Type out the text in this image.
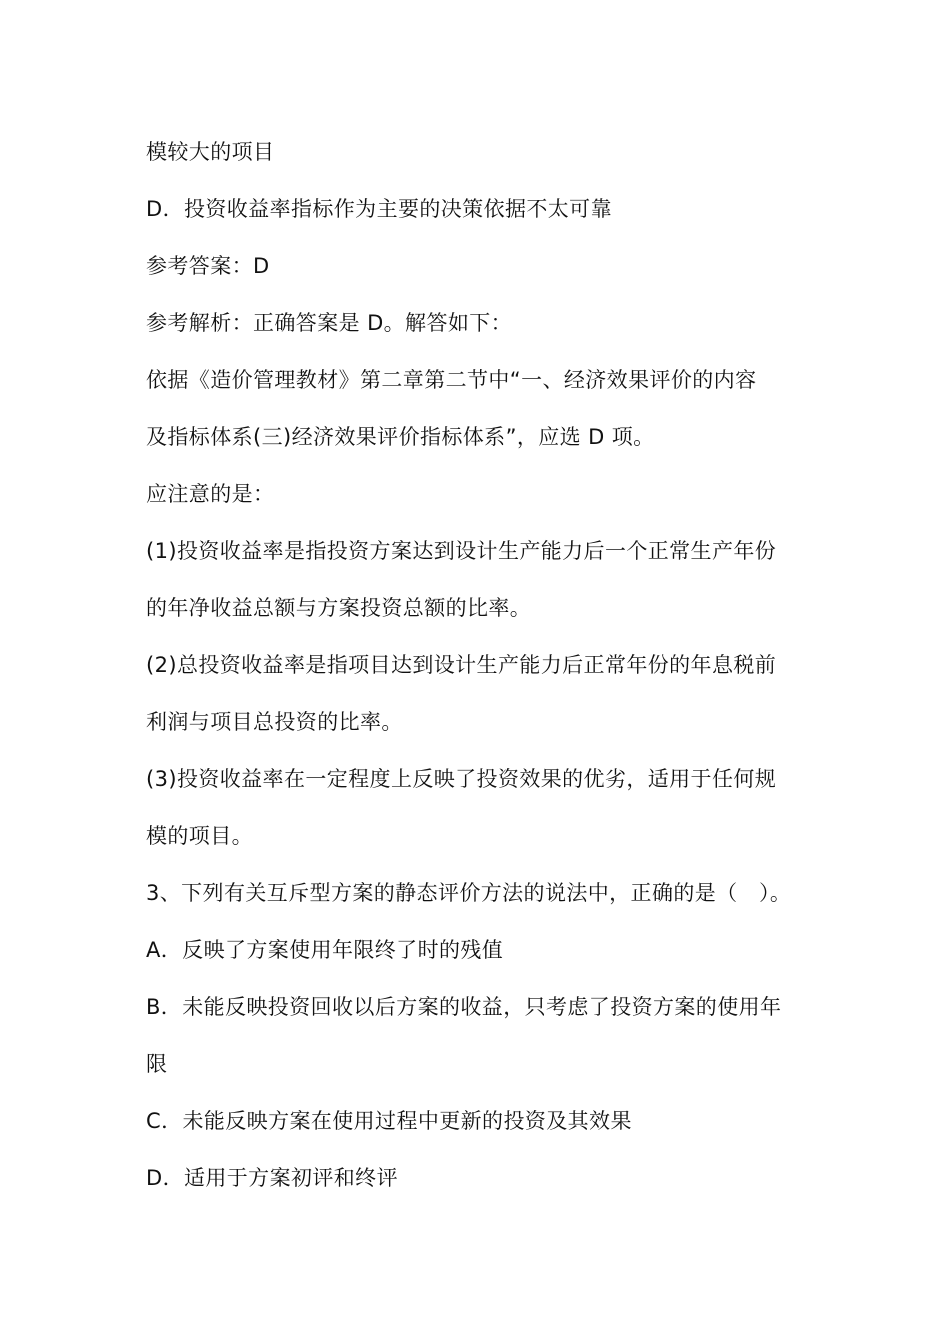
模较大的项目
D．投资收益率指标作为主要的决策依据不太可靠
参考答案：D
参考解析：正确答案是 D。解答如下：
依据《造价管理教材》第二章第二节中“一、经济效果评价的内容
及指标体系(三)经济效果评价指标体系”，应选 D 项。
应注意的是：
(1)投资收益率是指投资方案达到设计生产能力后一个正常生产年份
的年净收益总额与方案投资总额的比率。
(2)总投资收益率是指项目达到设计生产能力后正常年份的年息税前
利润与项目总投资的比率。
(3)投资收益率在一定程度上反映了投资效果的优劣，适用于任何规
模的项目。
3、下列有关互斥型方案的静态评价方法的说法中，正确的是（　）。
A．反映了方案使用年限终了时的残值
B．未能反映投资回收以后方案的收益，只考虑了投资方案的使用年
限
C．未能反映方案在使用过程中更新的投资及其效果
D．适用于方案初评和终评
